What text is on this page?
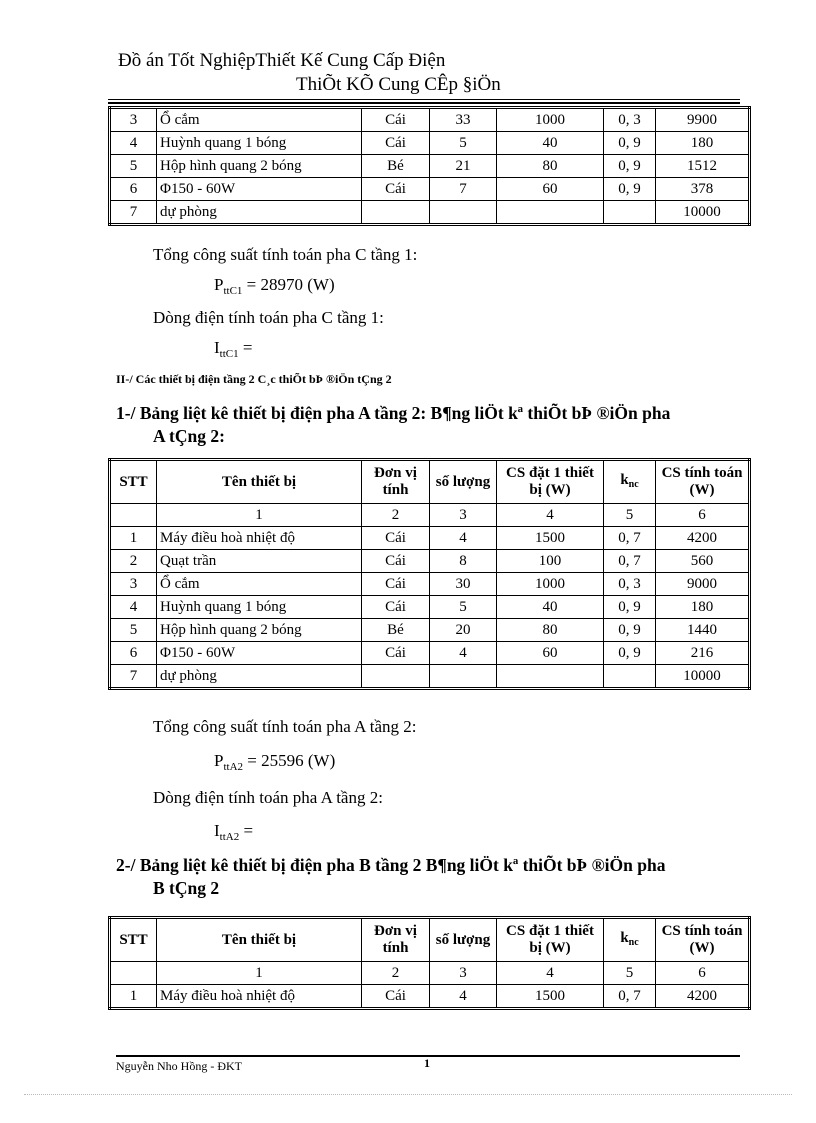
Đồ án Tốt NghiệpThiết Kế Cung Cấp Điện
ThiÕt KÕ Cung CÊp §iÖn
3	Ổ cắm	Cái	33	1000	0, 3	9900
4	Huỳnh quang 1 bóng	Cái	5	40	0, 9	180
5	Hộp hình quang 2 bóng	Bé	21	80	0, 9	1512
6	Φ150 - 60W	Cái	7	60	0, 9	378
7	dự phòng					10000
Tổng công suất tính toán pha C tầng 1:
$P_{ttC1} = 28970$ (W)
Dòng điện tính toán pha C tầng 1:
$I_{ttC1}$ =
II-/ Các thiết bị điện tầng 2 C¸c thiÕt bÞ ®iÖn tÇng 2
1-/ Bảng liệt kê thiết bị điện pha A tầng 2: B¶ng liÖt kª thiÕt bÞ ®iÖn pha
A tÇng 2:
STT	Tên thiết bị	Đơn vị tính	số lượng	CS đặt 1 thiết bị (W)	$k_{nc}$	CS tính toán (W)
	1	2	3	4	5	6
1	Máy điều hoà nhiệt độ	Cái	4	1500	0, 7	4200
2	Quạt trần	Cái	8	100	0, 7	560
3	Ổ cắm	Cái	30	1000	0, 3	9000
4	Huỳnh quang 1 bóng	Cái	5	40	0, 9	180
5	Hộp hình quang 2 bóng	Bé	20	80	0, 9	1440
6	Φ150 - 60W	Cái	4	60	0, 9	216
7	dự phòng					10000
Tổng công suất tính toán pha A tầng 2:
$P_{ttA2} = 25596$ (W)
Dòng điện tính toán pha A tầng 2:
$I_{ttA2}$ =
2-/ Bảng liệt kê thiết bị điện pha B tầng 2 B¶ng liÖt kª thiÕt bÞ ®iÖn pha
B tÇng 2
STT	Tên thiết bị	Đơn vị tính	số lượng	CS đặt 1 thiết bị (W)	$k_{nc}$	CS tính toán (W)
	1	2	3	4	5	6
1	Máy điều hoà nhiệt độ	Cái	4	1500	0, 7	4200
Nguyễn Nho Hồng - ĐKT	1
